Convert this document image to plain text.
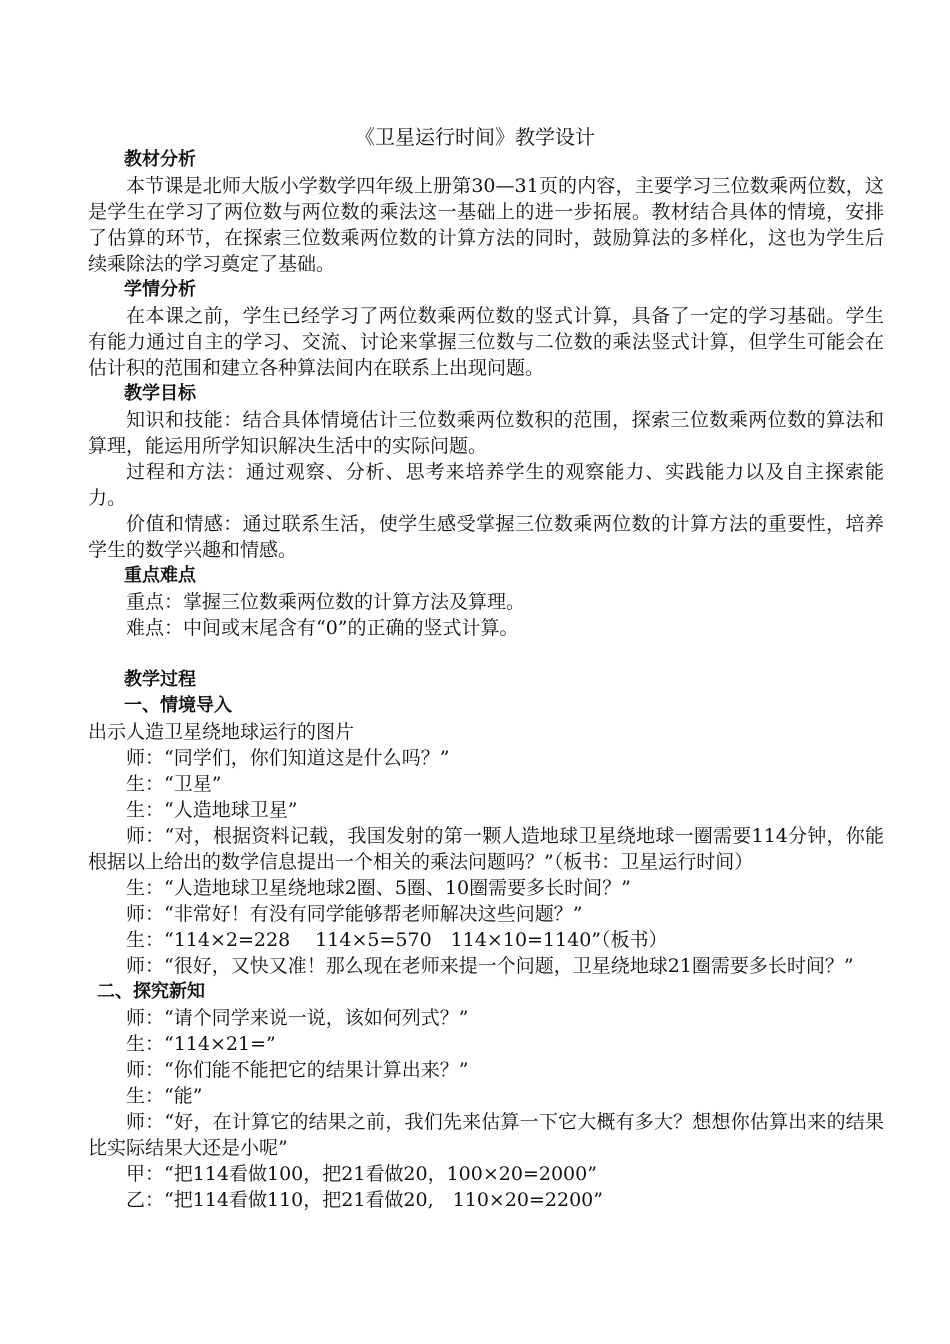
《卫星运行时间》教学设计

教材分析

本节课是北师大版小学数学四年级上册第30—31页的内容，主要学习三位数乘两位数，这是学生在学习了两位数与两位数的乘法这一基础上的进一步拓展。教材结合具体的情境，安排了估算的环节，在探索三位数乘两位数的计算方法的同时，鼓励算法的多样化，这也为学生后续乘除法的学习奠定了基础。

学情分析

在本课之前，学生已经学习了两位数乘两位数的竖式计算，具备了一定的学习基础。学生有能力通过自主的学习、交流、讨论来掌握三位数与二位数的乘法竖式计算，但学生可能会在估计积的范围和建立各种算法间内在联系上出现问题。

教学目标

知识和技能：结合具体情境估计三位数乘两位数积的范围，探索三位数乘两位数的算法和算理，能运用所学知识解决生活中的实际问题。

过程和方法：通过观察、分析、思考来培养学生的观察能力、实践能力以及自主探索能力。

价值和情感：通过联系生活，使学生感受掌握三位数乘两位数的计算方法的重要性，培养学生的数学兴趣和情感。

重点难点

重点：掌握三位数乘两位数的计算方法及算理。

难点：中间或末尾含有“0”的正确的竖式计算。

教学过程

一、情境导入

出示人造卫星绕地球运行的图片

师：“同学们，你们知道这是什么吗？”

生：“卫星”

生：“人造地球卫星”

师：“对，根据资料记载，我国发射的第一颗人造地球卫星绕地球一圈需要114分钟，你能根据以上给出的数学信息提出一个相关的乘法问题吗？”（板书：卫星运行时间）

生：“人造地球卫星绕地球2圈、5圈、10圈需要多长时间？”

师：“非常好！有没有同学能够帮老师解决这些问题？”

生：“114×2=228　 114×5=570　114×10=1140”（板书）

师：“很好，又快又准！那么现在老师来提一个问题，卫星绕地球21圈需要多长时间？”

二、探究新知

师：“请个同学来说一说，该如何列式？”

生：“114×21=”

师：“你们能不能把它的结果计算出来？”

生：“能”

师：“好，在计算它的结果之前，我们先来估算一下它大概有多大？想想你估算出来的结果比实际结果大还是小呢”

甲：“把114看做100，把21看做20，100×20=2000”

乙：“把114看做110，把21看做20,　110×20=2200”
